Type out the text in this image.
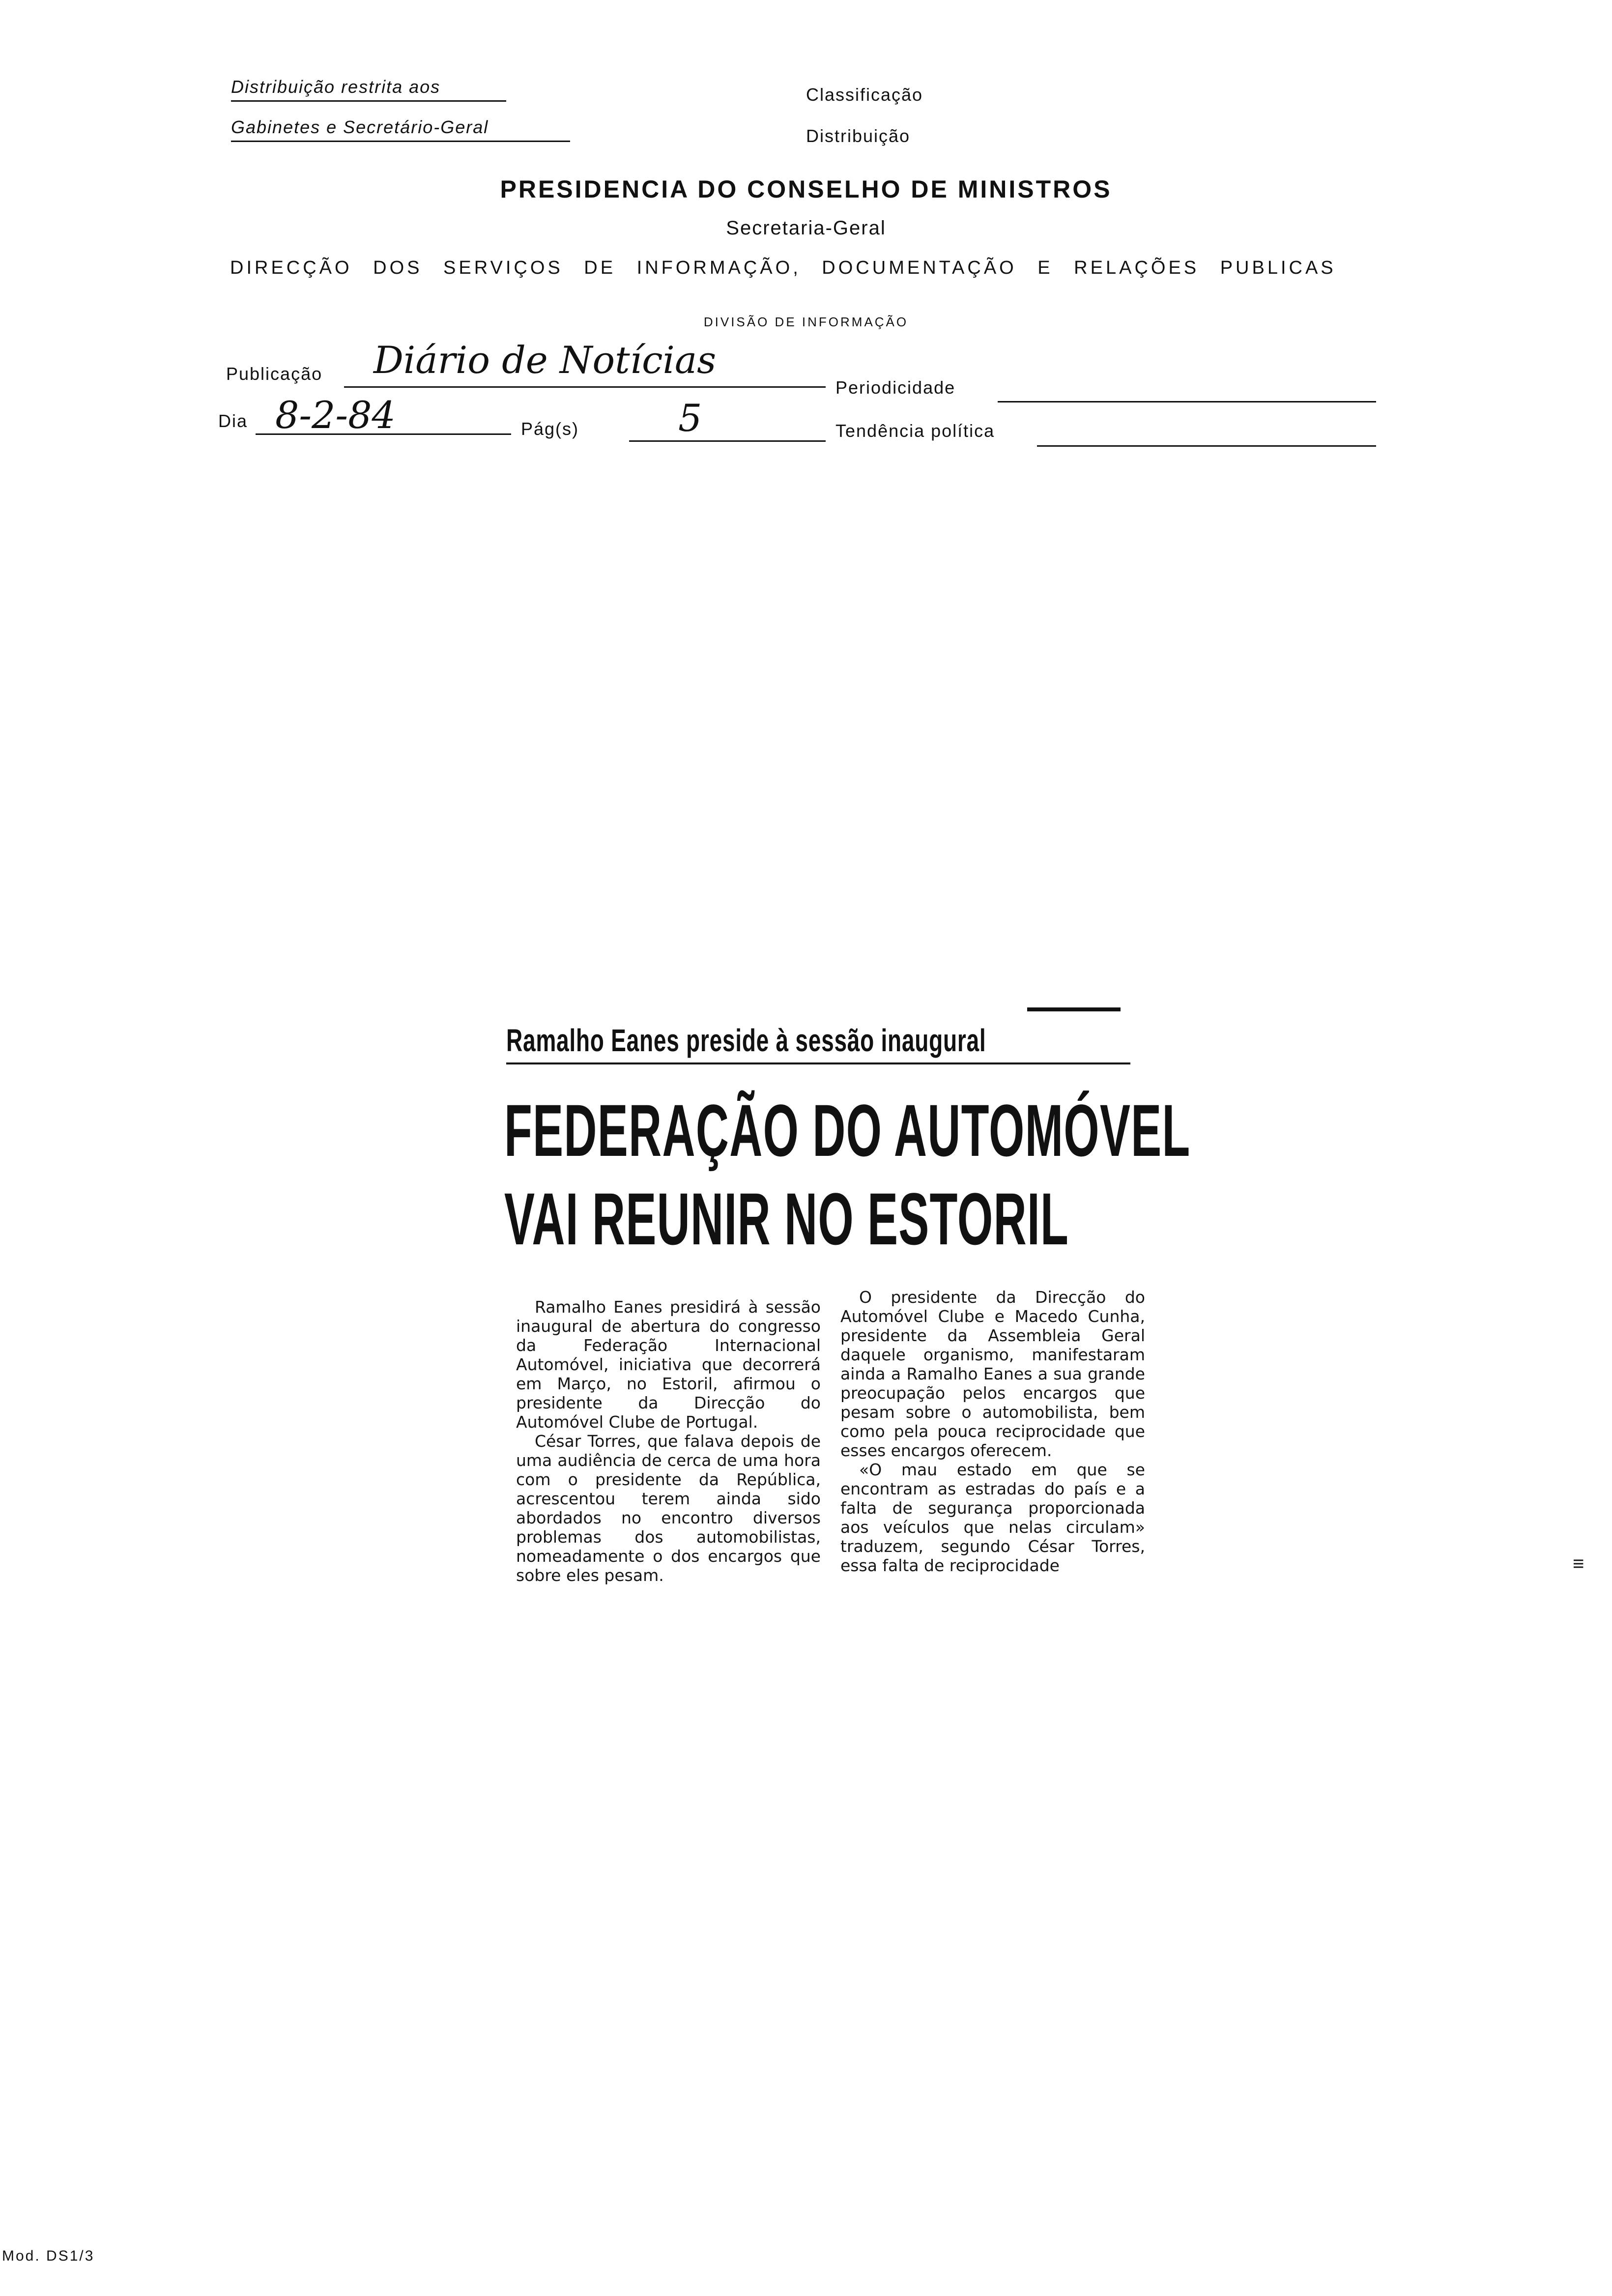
Distribuição restrita aos
Gabinetes e Secretário-Geral
Classificação
Distribuição
PRESIDENCIA DO CONSELHO DE MINISTROS
Secretaria-Geral
DIRECÇÃO DOS SERVIÇOS DE INFORMAÇÃO, DOCUMENTAÇÃO E RELAÇÕES PUBLICAS
DIVISÃO DE INFORMAÇÃO
Publicação Diário de Notícias
Periodicidade
Dia 8-2-84	Pág(s)	5	Tendência política
Ramalho Eanes preside à sessão inaugural
FEDERAÇÃO DO AUTOMÓVEL
VAI REUNIR NO ESTORIL

Ramalho Eanes presidirá à sessão inaugural de abertura do congresso da Federação Internacional Automóvel, iniciativa que decorrerá em Março, no Estoril, afirmou o presidente da Direcção do Automóvel Clube de Portugal.

César Torres, que falava depois de uma audiência de cerca de uma hora com o presidente da República, acrescentou terem ainda sido abordados no encontro diversos problemas dos automobilistas, nomeadamente o dos encargos que sobre eles pesam.

O presidente da Direcção do Automóvel Clube e Macedo Cunha, presidente da Assembleia Geral daquele organismo, manifestaram ainda a Ramalho Eanes a sua grande preocupação pelos encargos que pesam sobre o automobilista, bem como pela pouca reciprocidade que esses encargos oferecem.

«O mau estado em que se encontram as estradas do país e a falta de segurança proporcionada aos veículos que nelas circulam» traduzem, segundo César Torres, essa falta de reciprocidade	≡
Mod. DS1/3
